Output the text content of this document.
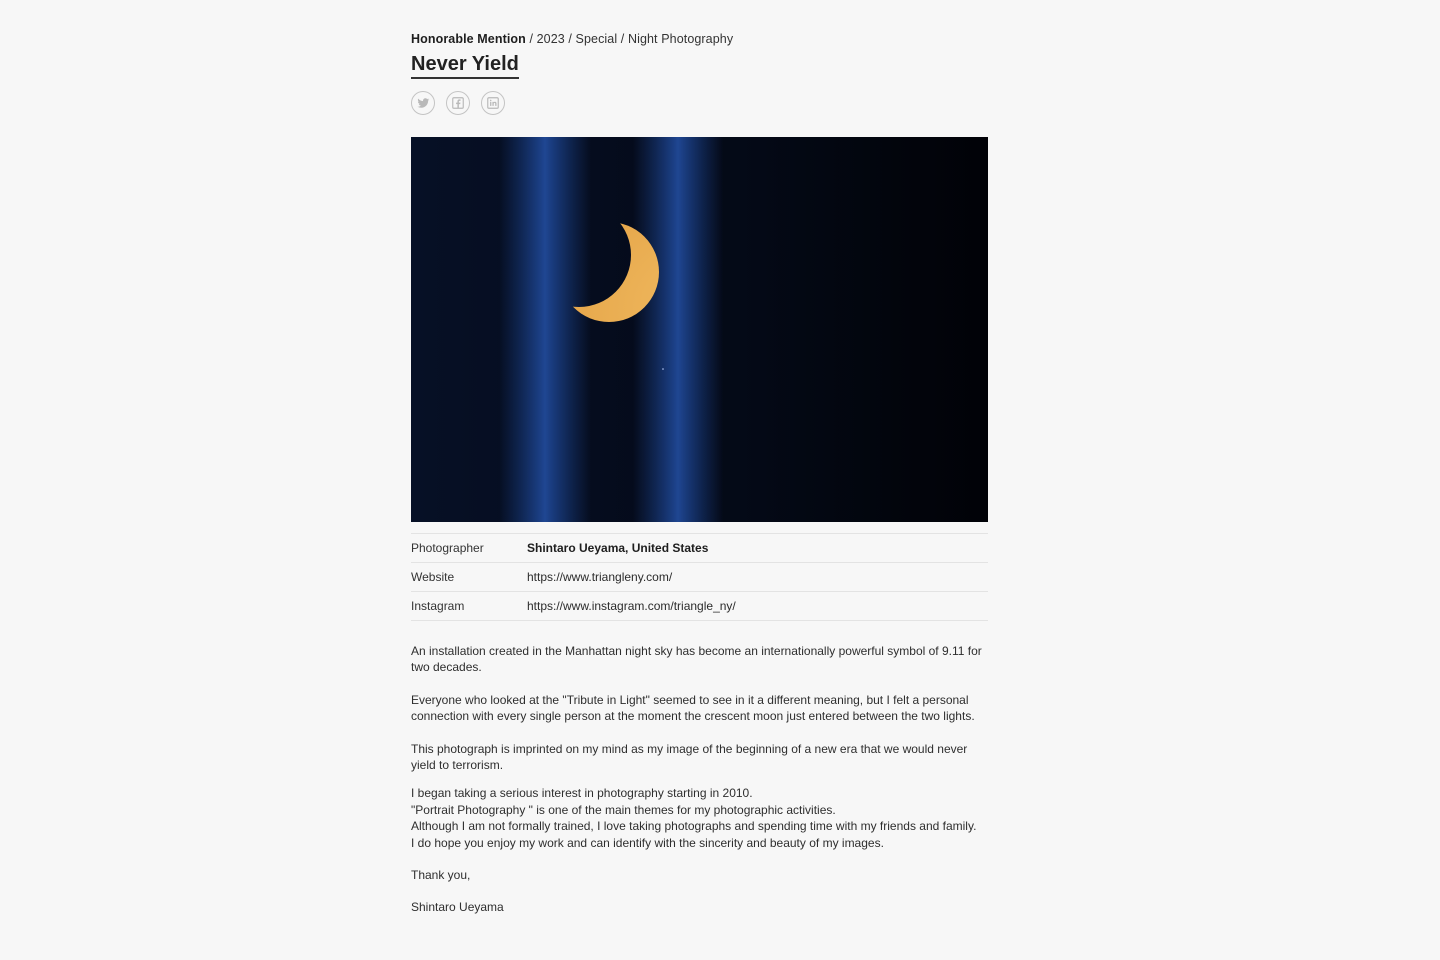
Honorable Mention / 2023 / Special / Night Photography
Never Yield
Photographer	Shintaro Ueyama, United States
Website	https://www.triangleny.com/
Instagram	https://www.instagram.com/triangle_ny/

An installation created in the Manhattan night sky has become an internationally powerful symbol of 9.11 for two decades.

Everyone who looked at the "Tribute in Light" seemed to see in it a different meaning, but I felt a personal connection with every single person at the moment the crescent moon just entered between the two lights.

This photograph is imprinted on my mind as my image of the beginning of a new era that we would never yield to terrorism.

I began taking a serious interest in photography starting in 2010.
"Portrait Photography " is one of the main themes for my photographic activities.
Although I am not formally trained, I love taking photographs and spending time with my friends and family.
I do hope you enjoy my work and can identify with the sincerity and beauty of my images.

Thank you,

Shintaro Ueyama
